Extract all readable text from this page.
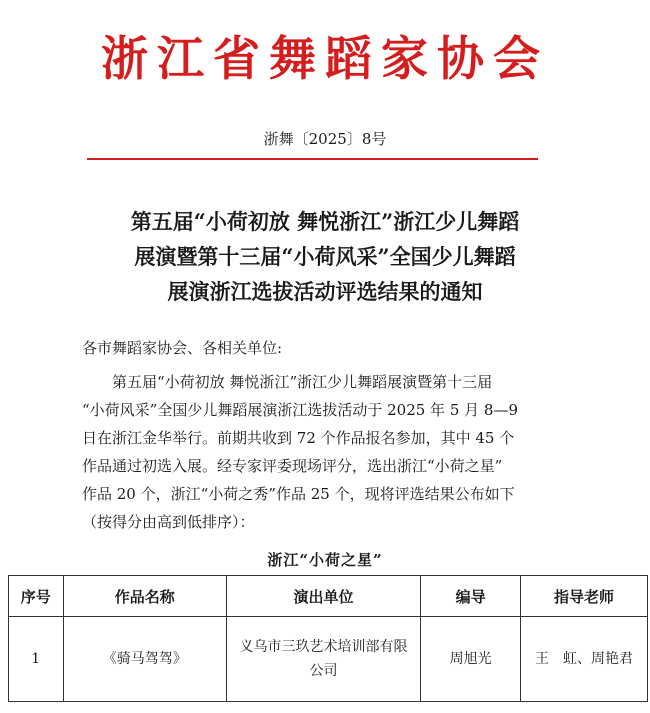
浙江省舞蹈家协会
浙舞〔2025〕8号
第五届“小荷初放 舞悦浙江”浙江少儿舞蹈
展演暨第十三届“小荷风采”全国少儿舞蹈
展演浙江选拔活动评选结果的通知
各市舞蹈家协会、各相关单位:
第五届“小荷初放 舞悦浙江”浙江少儿舞蹈展演暨第十三届
“小荷风采”全国少儿舞蹈展演浙江选拔活动于 2025 年 5 月 8—9
日在浙江金华举行。前期共收到 72 个作品报名参加，其中 45 个
作品通过初选入展。经专家评委现场评分，选出浙江“小荷之星”
作品 20 个，浙江“小荷之秀”作品 25 个，现将评选结果公布如下
（按得分由高到低排序）：
浙江“小荷之星”
序号	作品名称	演出单位	编导	指导老师
1	《骑马驾驾》	义乌市三玖艺术培训部有限公司	周旭光	王　虹、周艳君
